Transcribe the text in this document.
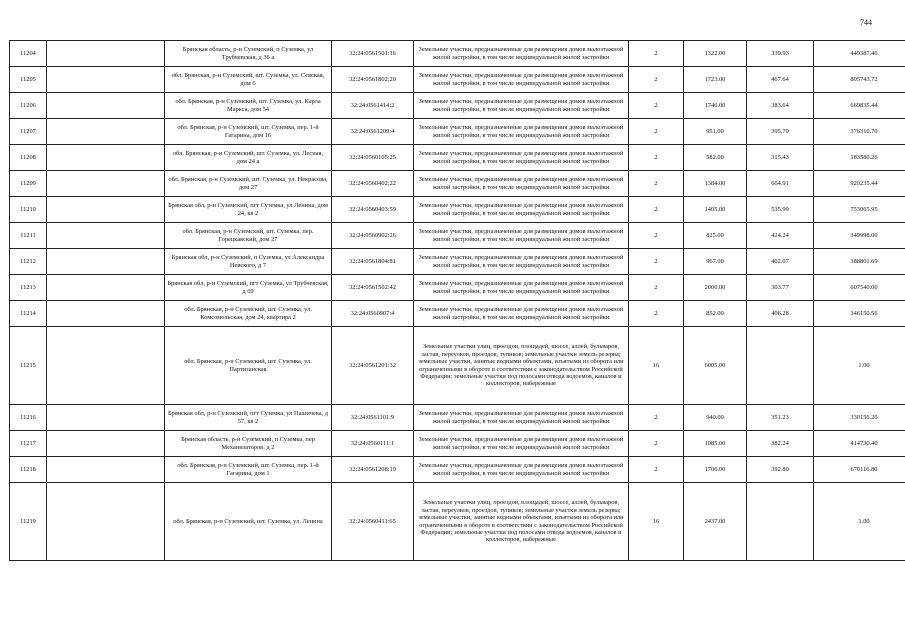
744
11204		Брянская область, р-н Суземский, п Суземка, ул Трубчевская, д 36 а	32:24:0561501:16	Земельные участки, предназначенные для размещения домов малоэтажной жилой застройки, в том числе индивидуальной жилой застройки	2	1322.00	339.93	449387.46
11205		обл. Брянская, р-н Суземский, шт. Суземка, ул. Севская, дом 6	32:24:0561802:20	Земельные участки, предназначенные для размещения домов малоэтажной жилой застройки, в том числе индивидуальной жилой застройки	2	1723.00	467.64	805743.72
11206		обл. Брянская, р-н Суземский, шт. Суземка, ул. Карла Маркса, дом 54	32:24:0561414:2	Земельные участки, предназначенные для размещения домов малоэтажной жилой застройки, в том числе индивидуальной жилой застройки	2	1746.00	383.64	669835.44
11207		обл. Брянская, р-н Суземский, шт. Суземка, пер. 1-й Гагарина, дом 16	32:24:0561209:4	Земельные участки, предназначенные для размещения домов малоэтажной жилой застройки, в том числе индивидуальной жилой застройки	2	951.00	395.70	376310.70
11208		обл. Брянская, р-н Суземский, шт. Суземка, ул. Лесная, дом 24 а	32:24:0560105:25	Земельные участки, предназначенные для размещения домов малоэтажной жилой застройки, в том числе индивидуальной жилой застройки	2	582.00	315.43	183580.26
11209		обл. Брянская, р-н Суземский, шт. Суземка, ул. Некрасова, дом 27	32:24:0560402:22	Земельные участки, предназначенные для размещения домов малоэтажной жилой застройки, в том числе индивидуальной жилой застройки	2	1384.00	664.91	920235.44
11210		Брянская обл, р-н Суземский, пгт Суземка, ул Ленина, дом 24, кв 2	32:24:0560403:59	Земельные участки, предназначенные для размещения домов малоэтажной жилой застройки, в том числе индивидуальной жилой застройки	2	1405.00	535.99	753065.95
11211		обл. Брянская, р-н Суземский, шт. Суземка, пер. Горецкавский, дом 27	32:24:0560902:26	Земельные участки, предназначенные для размещения домов малоэтажной жилой застройки, в том числе индивидуальной жилой застройки	2	825.00	424.24	349998.00
11212		Брянская обл, р-н Суземский, п Суземка, ул Александра Невского, д 7	32:24:0561804:81	Земельные участки, предназначенные для размещения домов малоэтажной жилой застройки, в том числе индивидуальной жилой застройки	2	967.00	402.07	388801.69
11213		Брянская обл, р-н Суземский, пгт Суземка, ул Трубчевская, д 69	32:24:0561502:42	Земельные участки, предназначенные для размещения домов малоэтажной жилой застройки, в том числе индивидуальной жилой застройки	2	2000.00	303.77	607540.00
11214		обл. Брянская, р-н Суземский, шт. Суземка, ул. Комсомольская, дом 24, квартира 2	32:24:0560907:4	Земельные участки, предназначенные для размещения домов малоэтажной жилой застройки, в том числе индивидуальной жилой застройки	2	852.00	406.28	346150.56
11215		обл. Брянская, р-н Суземский, шт. Суземка, ул. Партизанская	32:24:0561201:32	Земельные участки улиц, проездов, площадей, шоссе, аллей, бульваров, застав, переулков, проездов, тупиков; земельные участки земель резерва; земельные участки, занятые водными объектами, изъятыми из оборота или ограниченными в обороте в соответствии с законодательством Российской Федерации; земельные участки под полосами отвода водоемов, каналов и коллекторов, набережные	16	6005.00		1.00
11216		Брянская обл, р-н Суземский, пгт Суземка, ул Пашичева, д 57, кв 2	32:24:0561101:9	Земельные участки, предназначенные для размещения домов малоэтажной жилой застройки, в том числе индивидуальной жилой застройки	2	940.00	351.23	330156.20
11217		Брянская область, р-н Суземский, п Суземка, пер Механизаторов, д 2	32:24:0560111:1	Земельные участки, предназначенные для размещения домов малоэтажной жилой застройки, в том числе индивидуальной жилой застройки	2	1085.00	382.24	414730.40
11218		обл. Брянская, р-н Суземский, шт. Суземка, пер. 1-й Гагарина, дом 1	32:24:0561208:19	Земельные участки, предназначенные для размещения домов малоэтажной жилой застройки, в том числе индивидуальной жилой застройки	2	1706.00	392.80	670116.80
11219		обл. Брянская, р-н Суземский, шт. Суземка, ул. Ленина	32:24:0560411:65	Земельные участки улиц, проездов, площадей, шоссе, аллей, бульваров, застав, переулков, проездов, тупиков; земельные участки земель резерва; земельные участки, занятые водными объектами, изъятыми из оборота или ограниченными в обороте в соответствии с законодательством Российской Федерации; земельные участки под полосами отвода водоемов, каналов и коллекторов, набережные	16	2437.00		1.00
